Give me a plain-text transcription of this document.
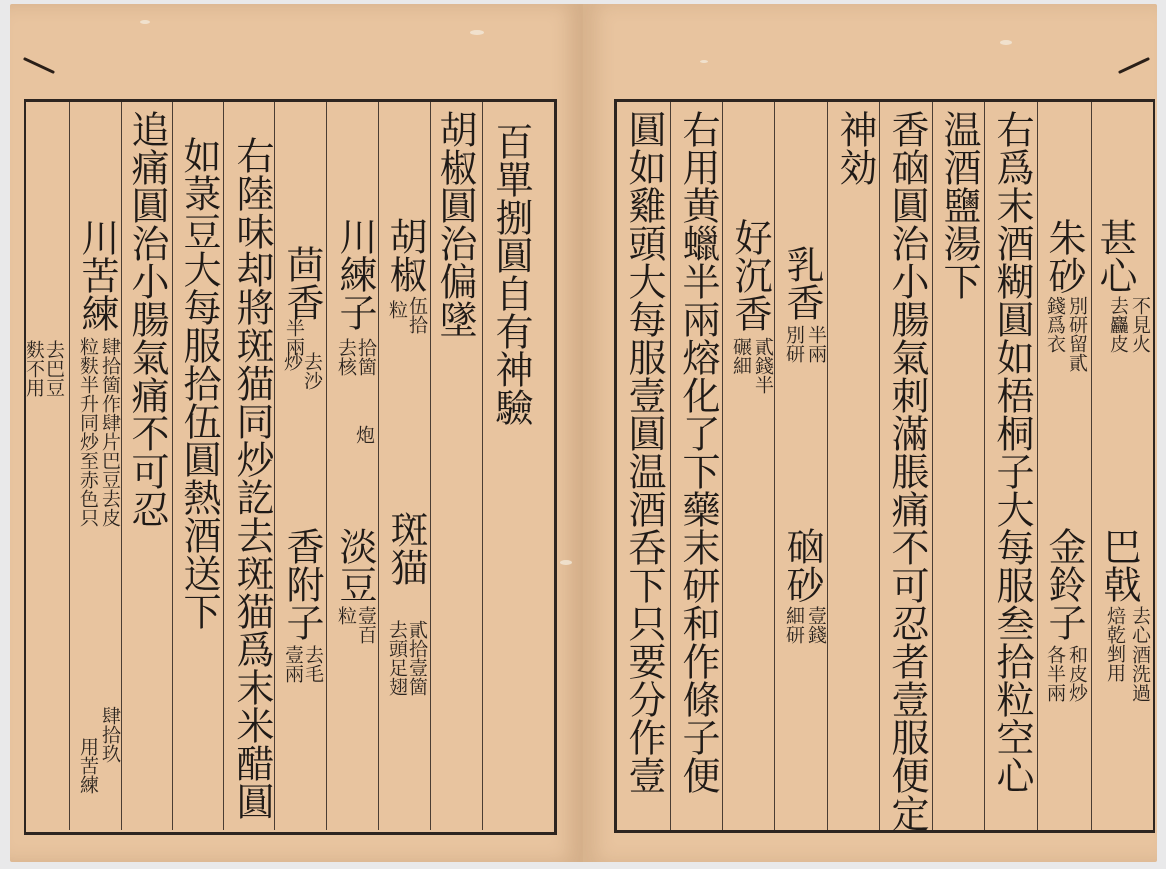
百單捌圓自有神驗
胡椒圓治偏墜
胡椒
伍拾
粒
川練子
拾箇
去核
炮
茴香
炒
去沙
半兩
右陸味却將斑猫同炒訖去斑猫爲末米醋圓
如菉豆大每服拾伍圓熱酒送下
追痛圓治小腸氣痛不可忍
川苦練
肆拾箇作肆片巴豆去皮
粒麩半升同炒至赤色只
肆拾玖
用苦練
斑猫
貳拾壹箇
去頭足翅
淡豆
壹百
粒
香附子
去毛
壹兩
去巴豆
麩不用
甚心
不見火
去麤皮
巴戟
去心
酒洗過
焙乾剉用
朱砂
別研留貳
錢爲衣
金鈴子
和皮炒
各半兩
右爲末酒糊圓如梧桐子大每服叁拾粒空心
温酒鹽湯下
香硇圓治小腸氣刺滿脹痛不可忍者壹服便定
神効
乳香
半兩
別研
硇砂
壹錢
細研
好沉香
貳錢半
碾細
右用黄蠟半兩熔化了下藥末研和作條子便
圓如雞頭大每服壹圓温酒呑下只要分作壹
